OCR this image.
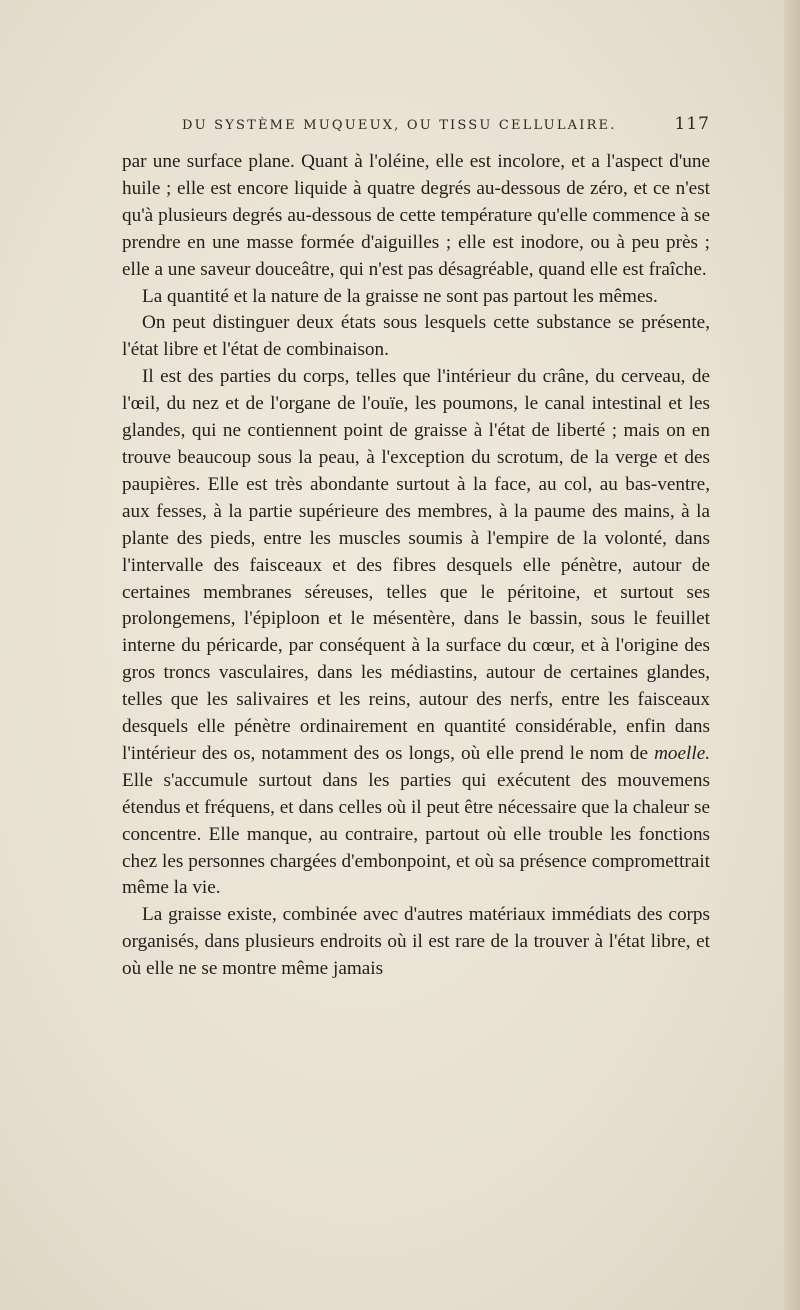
DU SYSTÈME MUQUEUX, OU TISSU CELLULAIRE.	117

par une surface plane. Quant à l'oléine, elle est incolore, et a l'aspect d'une huile ; elle est encore liquide à quatre degrés au-dessous de zéro, et ce n'est qu'à plusieurs degrés au-dessous de cette température qu'elle commence à se prendre en une masse formée d'aiguilles ; elle est inodore, ou à peu près ; elle a une saveur douceâtre, qui n'est pas désagréable, quand elle est fraîche.

La quantité et la nature de la graisse ne sont pas partout les mêmes.

On peut distinguer deux états sous lesquels cette substance se présente, l'état libre et l'état de combinaison.

Il est des parties du corps, telles que l'intérieur du crâne, du cerveau, de l'œil, du nez et de l'organe de l'ouïe, les poumons, le canal intestinal et les glandes, qui ne contiennent point de graisse à l'état de liberté ; mais on en trouve beaucoup sous la peau, à l'exception du scrotum, de la verge et des paupières. Elle est très abondante surtout à la face, au col, au bas-ventre, aux fesses, à la partie supérieure des membres, à la paume des mains, à la plante des pieds, entre les muscles soumis à l'empire de la volonté, dans l'intervalle des faisceaux et des fibres desquels elle pénètre, autour de certaines membranes séreuses, telles que le péritoine, et surtout ses prolongemens, l'épiploon et le mésentère, dans le bassin, sous le feuillet interne du péricarde, par conséquent à la surface du cœur, et à l'origine des gros troncs vasculaires, dans les médiastins, autour de certaines glandes, telles que les salivaires et les reins, autour des nerfs, entre les faisceaux desquels elle pénètre ordinairement en quantité considérable, enfin dans l'intérieur des os, notamment des os longs, où elle prend le nom de moelle. Elle s'accumule surtout dans les parties qui exécutent des mouvemens étendus et fréquens, et dans celles où il peut être nécessaire que la chaleur se concentre. Elle manque, au contraire, partout où elle trouble les fonctions chez les personnes chargées d'embonpoint, et où sa présence compromettrait même la vie.

La graisse existe, combinée avec d'autres matériaux immédiats des corps organisés, dans plusieurs endroits où il est rare de la trouver à l'état libre, et où elle ne se montre même jamais
